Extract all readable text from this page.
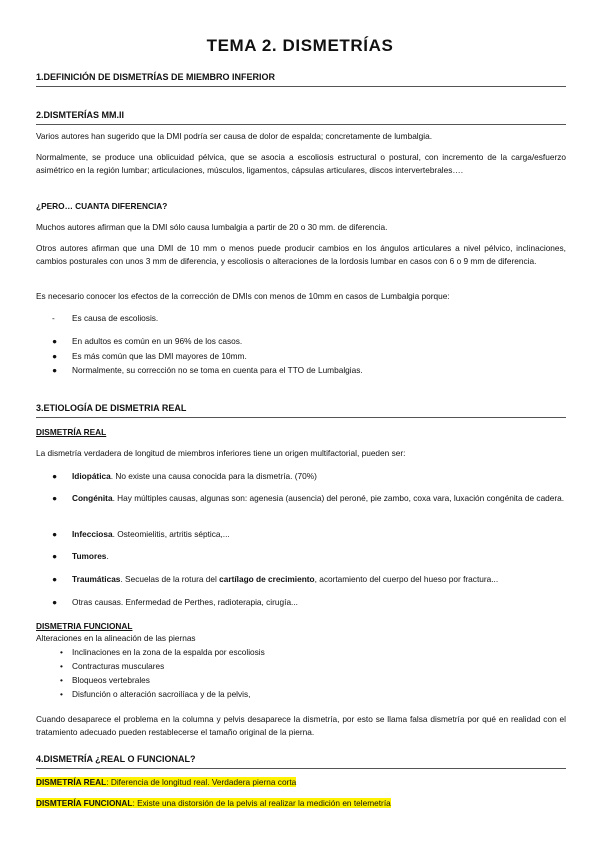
TEMA 2. DISMETRÍAS
1.DEFINICIÓN DE DISMETRÍAS DE MIEMBRO INFERIOR
2.DISMTERÍAS MM.II
Varios autores han sugerido que la DMI podría ser causa de dolor de espalda; concretamente de lumbalgia.
Normalmente, se produce una oblicuidad pélvica, que se asocia a escoliosis estructural o postural, con incremento de la carga/esfuerzo asimétrico en la región lumbar; articulaciones, músculos, ligamentos, cápsulas articulares, discos intervertebrales….
¿PERO… CUANTA DIFERENCIA?
Muchos autores afirman que la DMI sólo causa lumbalgia a partir de 20 o 30 mm. de diferencia.
Otros autores afirman que una DMI de 10 mm o menos puede producir cambios en los ángulos articulares a nivel pélvico, inclinaciones, cambios posturales con unos 3 mm de diferencia, y escoliosis o alteraciones de la lordosis lumbar en casos con 6 o 9 mm de diferencia.
Es necesario conocer los efectos de la corrección de DMIs con menos de 10mm en casos de Lumbalgia porque:
-	Es causa de escoliosis.
●	En adultos es común en un 96% de los casos.
●	Es más común que las DMI mayores de 10mm.
●	Normalmente, su corrección no se toma en cuenta para el TTO de Lumbalgias.
3.ETIOLOGÍA DE DISMETRIA REAL
DISMETRÍA REAL
La dismetría verdadera de longitud de miembros inferiores tiene un origen multifactorial, pueden ser:
●	Idiopática. No existe una causa conocida para la dismetría. (70%)
●	Congénita. Hay múltiples causas, algunas son: agenesia (ausencia) del peroné, pie zambo, coxa vara, luxación congénita de cadera.
●	Infecciosa. Osteomielitis, artritis séptica,...
●	Tumores.
●	Traumáticas. Secuelas de la rotura del cartílago de crecimiento, acortamiento del cuerpo del hueso por fractura...
●	Otras causas. Enfermedad de Perthes, radioterapia, cirugía...
DISMETRIA FUNCIONAL
Alteraciones en la alineación de las piernas
• Inclinaciones en la zona de la espalda por escoliosis
• Contracturas musculares
• Bloqueos vertebrales
• Disfunción o alteración sacroilíaca y de la pelvis,
Cuando desaparece el problema en la columna y pelvis desaparece la dismetría, por esto se llama falsa dismetría por qué en realidad con el tratamiento adecuado pueden restablecerse el tamaño original de la pierna.
4.DISMETRÍA ¿REAL O FUNCIONAL?
DISMETRÍA REAL: Diferencia de longitud real. Verdadera pierna corta
DISMTERÍA FUNCIONAL: Existe una distorsión de la pelvis al realizar la medición en telemetría
